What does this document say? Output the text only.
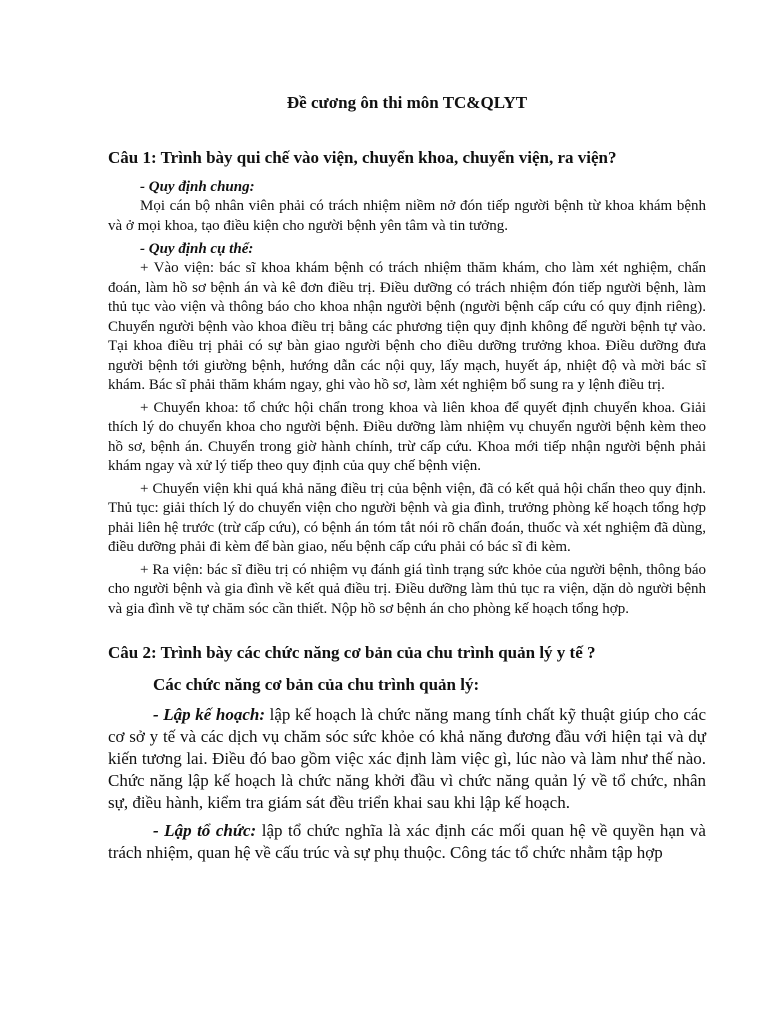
Đề cương ôn thi môn TC&QLYT
Câu 1: Trình bày qui chế vào viện, chuyển khoa, chuyển viện, ra viện?
- Quy định chung:

Mọi cán bộ nhân viên phải có trách nhiệm niềm nở đón tiếp người bệnh từ khoa khám bệnh và ở mọi khoa, tạo điều kiện cho người bệnh yên tâm và tin tưởng.

- Quy định cụ thể:

+ Vào viện: bác sĩ khoa khám bệnh có trách nhiệm thăm khám, cho làm xét nghiệm, chẩn đoán, làm hồ sơ bệnh án và kê đơn điều trị. Điều dưỡng có trách nhiệm đón tiếp người bệnh, làm thủ tục vào viện và thông báo cho khoa nhận người bệnh (người bệnh cấp cứu có quy định riêng). Chuyển người bệnh vào khoa điều trị bằng các phương tiện quy định không để người bệnh tự vào. Tại khoa điều trị phải có sự bàn giao người bệnh cho điều dưỡng trưởng khoa. Điều dưỡng đưa người bệnh tới giường bệnh, hướng dẫn các nội quy, lấy mạch, huyết áp, nhiệt độ và mời bác sĩ khám. Bác sĩ phải thăm khám ngay, ghi vào hồ sơ, làm xét nghiệm bổ sung ra y lệnh điều trị.

+ Chuyển khoa: tổ chức hội chẩn trong khoa và liên khoa để quyết định chuyển khoa. Giải thích lý do chuyển khoa cho người bệnh. Điều dưỡng làm nhiệm vụ chuyển người bệnh kèm theo hồ sơ, bệnh án. Chuyển trong giờ hành chính, trừ cấp cứu. Khoa mới tiếp nhận người bệnh phải khám ngay và xử lý tiếp theo quy định của quy chế bệnh viện.

+ Chuyển viện khi quá khả năng điều trị của bệnh viện, đã có kết quả hội chẩn theo quy định. Thủ tục: giải thích lý do chuyển viện cho người bệnh và gia đình, trưởng phòng kế hoạch tổng hợp phải liên hệ trước (trừ cấp cứu), có bệnh án tóm tắt nói rõ chẩn đoán, thuốc và xét nghiệm đã dùng, điều dưỡng phải đi kèm để bàn giao, nếu bệnh cấp cứu phải có bác sĩ đi kèm.

+ Ra viện: bác sĩ điều trị có nhiệm vụ đánh giá tình trạng sức khỏe của người bệnh, thông báo cho người bệnh và gia đình về kết quả điều trị. Điều dưỡng làm thủ tục ra viện, dặn dò người bệnh và gia đình về tự chăm sóc cần thiết. Nộp hồ sơ bệnh án cho phòng kế hoạch tổng hợp.

Câu 2: Trình bày các chức năng cơ bản của chu trình quản lý y tế ?
Các chức năng cơ bản của chu trình quản lý:

- Lập kế hoạch: lập kế hoạch là chức năng mang tính chất kỹ thuật giúp cho các cơ sở y tế và các dịch vụ chăm sóc sức khỏe có khả năng đương đầu với hiện tại và dự kiến tương lai. Điều đó bao gồm việc xác định làm việc gì, lúc nào và làm như thế nào. Chức năng lập kế hoạch là chức năng khởi đầu vì chức năng quản lý về tổ chức, nhân sự, điều hành, kiểm tra giám sát đều triển khai sau khi lập kế hoạch.

- Lập tổ chức: lập tổ chức nghĩa là xác định các mối quan hệ về quyền hạn và trách nhiệm, quan hệ về cấu trúc và sự phụ thuộc. Công tác tổ chức nhằm tập hợp
